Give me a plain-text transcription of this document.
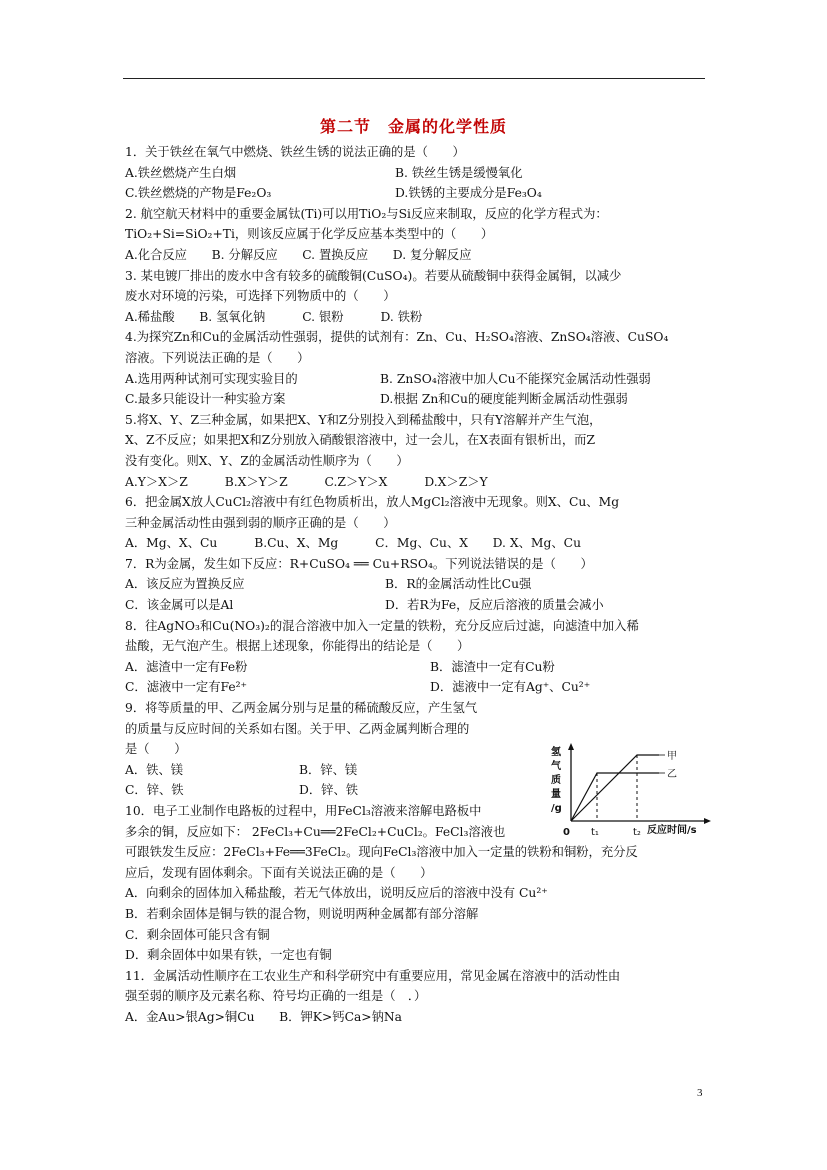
第二节　金属的化学性质
1．关于铁丝在氧气中燃烧、铁丝生锈的说法正确的是（　　）
A.铁丝燃烧产生白烟	B. 铁丝生锈是缓慢氧化
C.铁丝燃烧的产物是Fe₂O₃	D.铁锈的主要成分是Fe₃O₄
2. 航空航天材料中的重要金属钛(Ti)可以用TiO₂与Si反应来制取，反应的化学方程式为：
TiO₂+Si=SiO₂+Ti，则该反应属于化学反应基本类型中的（　　）
A.化合反应　　B. 分解反应　　C. 置换反应　　D. 复分解反应
3. 某电镀厂排出的废水中含有较多的硫酸铜(CuSO₄)。若要从硫酸铜中获得金属铜，以减少
废水对环境的污染，可选择下列物质中的（　　）
A.稀盐酸　　B. 氢氧化钠　　　C. 银粉　　　D. 铁粉
4.为探究Zn和Cu的金属活动性强弱，提供的试剂有：Zn、Cu、H₂SO₄溶液、ZnSO₄溶液、CuSO₄
溶液。下列说法正确的是（　　）
A.选用两种试剂可实现实验目的	B. ZnSO₄溶液中加人Cu不能探究金属活动性强弱
C.最多只能设计一种实验方案	D.根据 Zn和Cu的硬度能判断金属活动性强弱
5.将X、Y、Z三种金属，如果把X、Y和Z分别投入到稀盐酸中，只有Y溶解并产生气泡，
X、Z不反应；如果把X和Z分别放入硝酸银溶液中，过一会儿，在X表面有银析出，而Z
没有变化。则X、Y、Z的金属活动性顺序为（　　）
A.Y＞X＞Z　　　B.X＞Y＞Z　　　C.Z＞Y＞X　　　D.X＞Z＞Y
6．把金属X放人CuCl₂溶液中有红色物质析出，放人MgCl₂溶液中无现象。则X、Cu、Mg
三种金属活动性由强到弱的顺序正确的是（　　）
A．Mg、X、Cu　　　B.Cu、X、Mg　　　C．Mg、Cu、X　　D. X、Mg、Cu
7．R为金属，发生如下反应：R+CuSO₄ ══ Cu+RSO₄。下列说法错误的是（　　）
A．该反应为置换反应	B．R的金属活动性比Cu强
C．该金属可以是Al	D．若R为Fe，反应后溶液的质量会减小
8．往AgNO₃和Cu(NO₃)₂的混合溶液中加入一定量的铁粉，充分反应后过滤，向滤渣中加入稀
盐酸，无气泡产生。根据上述现象，你能得出的结论是（　　）
A．滤渣中一定有Fe粉	B．滤渣中一定有Cu粉
C．滤液中一定有Fe²⁺	D．滤液中一定有Ag⁺、Cu²⁺
9．将等质量的甲、乙两金属分别与足量的稀硫酸反应，产生氢气
的质量与反应时间的关系如右图。关于甲、乙两金属判断合理的
是（　　）
A．铁、镁	B．锌、镁
C．锌、铁	D．锌、铁
10．电子工业制作电路板的过程中，用FeCl₃溶液来溶解电路板中
多余的铜，反应如下： 2FeCl₃+Cu══2FeCl₂+CuCl₂。FeCl₃溶液也
可跟铁发生反应：2FeCl₃+Fe══3FeCl₂。现向FeCl₃溶液中加入一定量的铁粉和铜粉，充分反
应后，发现有固体剩余。下面有关说法正确的是（　　）
A．向剩余的固体加入稀盐酸，若无气体放出，说明反应后的溶液中没有 Cu²⁺
B．若剩余固体是铜与铁的混合物，则说明两种金属都有部分溶解
C．剩余固体可能只含有铜
D．剩余固体中如果有铁，一定也有铜
11．金属活动性顺序在工农业生产和科学研究中有重要应用，常见金属在溶液中的活动性由
强至弱的顺序及元素名称、符号均正确的一组是（　．）
A．金Au>银Ag>铜Cu　　B．钾K>钙Ca>钠Na
氢
气
质
量
/g
0 t₁	t₂ 反应时间/s
甲
乙
3
